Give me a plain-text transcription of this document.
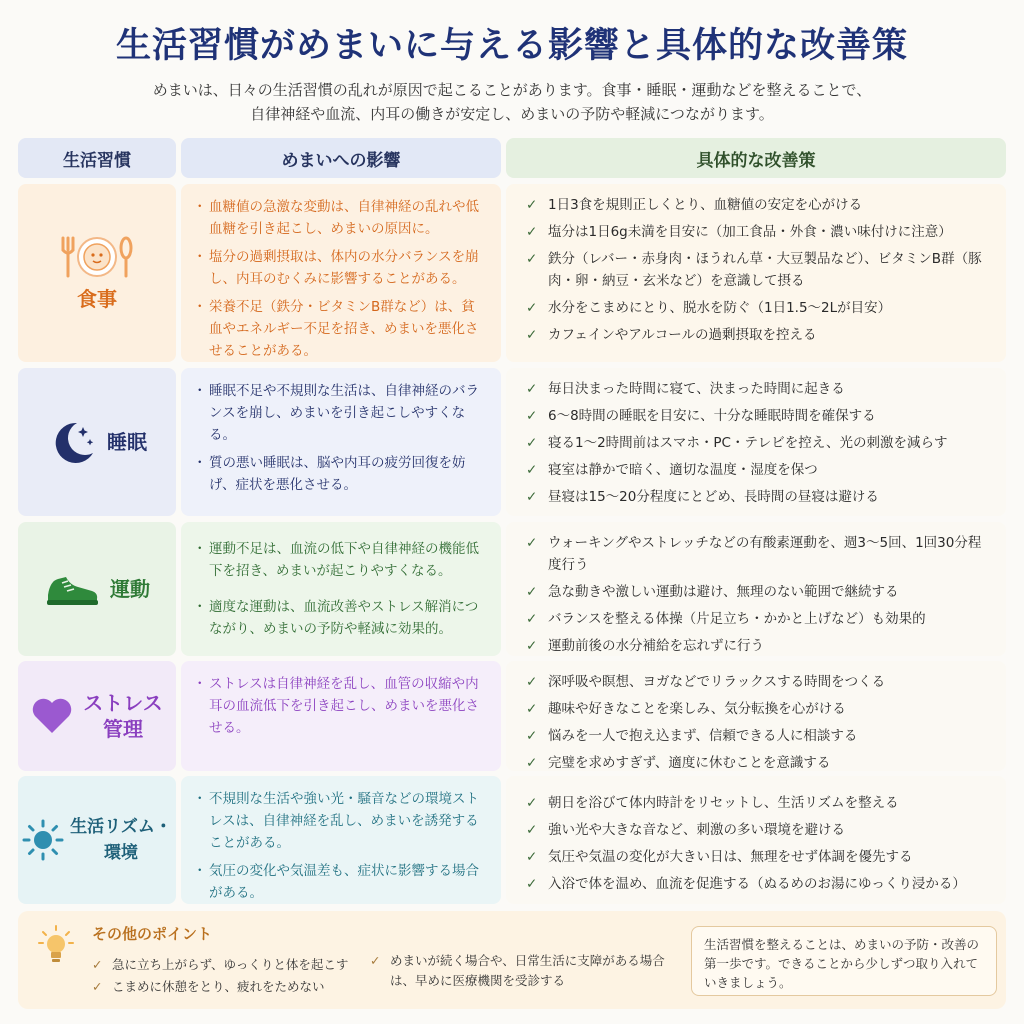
生活習慣がめまいに与える影響と具体的な改善策
めまいは、日々の生活習慣の乱れが原因で起こることがあります。食事・睡眠・運動などを整えることで、
自律神経や血流、内耳の働きが安定し、めまいの予防や軽減につながります。
生活習慣	めまいへの影響	具体的な改善策
食事
・ 血糖値の急激な変動は、自律神経の乱れや低血糖を引き起こし、めまいの原因に。
・ 塩分の過剰摂取は、体内の水分バランスを崩し、内耳のむくみに影響することがある。
・ 栄養不足（鉄分・ビタミンB群など）は、貧血やエネルギー不足を招き、めまいを悪化させることがある。
✓ 1日3食を規則正しくとり、血糖値の安定を心がける
✓ 塩分は1日6g未満を目安に（加工食品・外食・濃い味付けに注意）
✓ 鉄分（レバー・赤身肉・ほうれん草・大豆製品など）、ビタミンB群（豚肉・卵・納豆・玄米など）を意識して摂る
✓ 水分をこまめにとり、脱水を防ぐ（1日1.5〜2Lが目安）
✓ カフェインやアルコールの過剰摂取を控える
睡眠
・ 睡眠不足や不規則な生活は、自律神経のバランスを崩し、めまいを引き起こしやすくなる。
・ 質の悪い睡眠は、脳や内耳の疲労回復を妨げ、症状を悪化させる。
✓ 毎日決まった時間に寝て、決まった時間に起きる
✓ 6〜8時間の睡眠を目安に、十分な睡眠時間を確保する
✓ 寝る1〜2時間前はスマホ・PC・テレビを控え、光の刺激を減らす
✓ 寝室は静かで暗く、適切な温度・湿度を保つ
✓ 昼寝は15〜20分程度にとどめ、長時間の昼寝は避ける
運動
・ 運動不足は、血流の低下や自律神経の機能低下を招き、めまいが起こりやすくなる。
・ 適度な運動は、血流改善やストレス解消につながり、めまいの予防や軽減に効果的。
✓ ウォーキングやストレッチなどの有酸素運動を、週3〜5回、1回30分程度行う
✓ 急な動きや激しい運動は避け、無理のない範囲で継続する
✓ バランスを整える体操（片足立ち・かかと上げなど）も効果的
✓ 運動前後の水分補給を忘れずに行う
ストレス
管理
・ ストレスは自律神経を乱し、血管の収縮や内耳の血流低下を引き起こし、めまいを悪化させる。
✓ 深呼吸や瞑想、ヨガなどでリラックスする時間をつくる
✓ 趣味や好きなことを楽しみ、気分転換を心がける
✓ 悩みを一人で抱え込まず、信頼できる人に相談する
✓ 完璧を求めすぎず、適度に休むことを意識する
生活リズム・
環境
・ 不規則な生活や強い光・騒音などの環境ストレスは、自律神経を乱し、めまいを誘発することがある。
・ 気圧の変化や気温差も、症状に影響する場合がある。
✓ 朝日を浴びて体内時計をリセットし、生活リズムを整える
✓ 強い光や大きな音など、刺激の多い環境を避ける
✓ 気圧や気温の変化が大きい日は、無理をせず体調を優先する
✓ 入浴で体を温め、血流を促進する（ぬるめのお湯にゆっくり浸かる）
その他のポイント
✓ 急に立ち上がらず、ゆっくりと体を起こす
✓ こまめに休憩をとり、疲れをためない
✓ めまいが続く場合や、日常生活に支障がある場合は、早めに医療機関を受診する
生活習慣を整えることは、めまいの予防・改善の第一歩です。できることから少しずつ取り入れていきましょう。
